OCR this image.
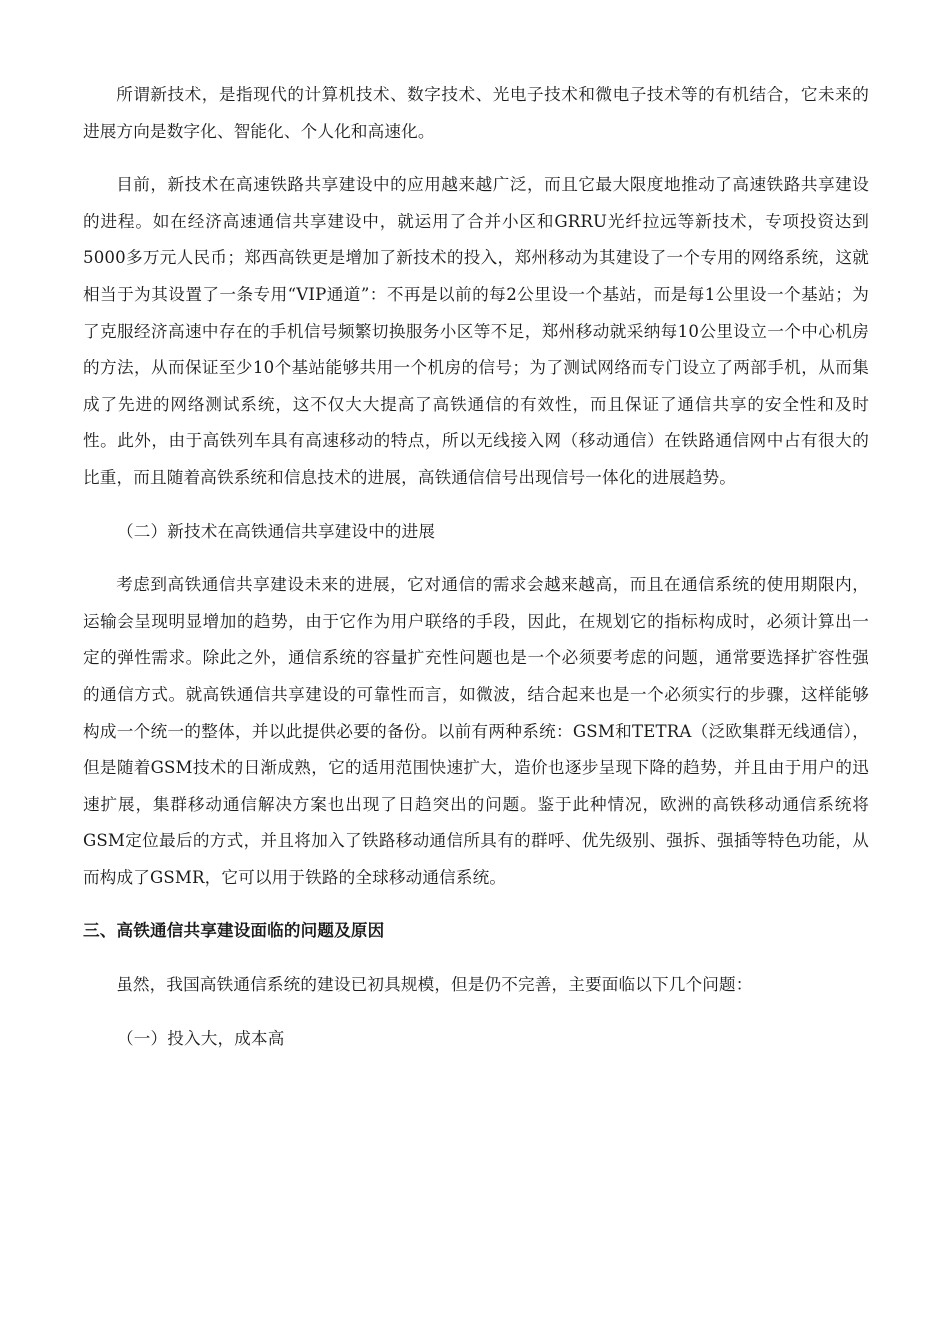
所谓新技术，是指现代的计算机技术、数字技术、光电子技术和微电子技术等的有机结合，它未来的进展方向是数字化、智能化、个人化和高速化。

目前，新技术在高速铁路共享建设中的应用越来越广泛，而且它最大限度地推动了高速铁路共享建设的进程。如在经济高速通信共享建设中，就运用了合并小区和GRRU光纤拉远等新技术，专项投资达到5000多万元人民币；郑西高铁更是增加了新技术的投入，郑州移动为其建设了一个专用的网络系统，这就相当于为其设置了一条专用“VIP通道”：不再是以前的每2公里设一个基站，而是每1公里设一个基站；为了克服经济高速中存在的手机信号频繁切换服务小区等不足，郑州移动就采纳每10公里设立一个中心机房的方法，从而保证至少10个基站能够共用一个机房的信号；为了测试网络而专门设立了两部手机，从而集成了先进的网络测试系统，这不仅大大提高了高铁通信的有效性，而且保证了通信共享的安全性和及时性。此外，由于高铁列车具有高速移动的特点，所以无线接入网（移动通信）在铁路通信网中占有很大的比重，而且随着高铁系统和信息技术的进展，高铁通信信号出现信号一体化的进展趋势。

（二）新技术在高铁通信共享建设中的进展

考虑到高铁通信共享建设未来的进展，它对通信的需求会越来越高，而且在通信系统的使用期限内，运输会呈现明显增加的趋势，由于它作为用户联络的手段，因此，在规划它的指标构成时，必须计算出一定的弹性需求。除此之外，通信系统的容量扩充性问题也是一个必须要考虑的问题，通常要选择扩容性强的通信方式。就高铁通信共享建设的可靠性而言，如微波，结合起来也是一个必须实行的步骤，这样能够构成一个统一的整体，并以此提供必要的备份。以前有两种系统：GSM和TETRA（泛欧集群无线通信），但是随着GSM技术的日渐成熟，它的适用范围快速扩大，造价也逐步呈现下降的趋势，并且由于用户的迅速扩展，集群移动通信解决方案也出现了日趋突出的问题。鉴于此种情况，欧洲的高铁移动通信系统将GSM定位最后的方式，并且将加入了铁路移动通信所具有的群呼、优先级别、强拆、强插等特色功能，从而构成了GSMR，它可以用于铁路的全球移动通信系统。

三、高铁通信共享建设面临的问题及原因

虽然，我国高铁通信系统的建设已初具规模，但是仍不完善，主要面临以下几个问题：

（一）投入大，成本高
